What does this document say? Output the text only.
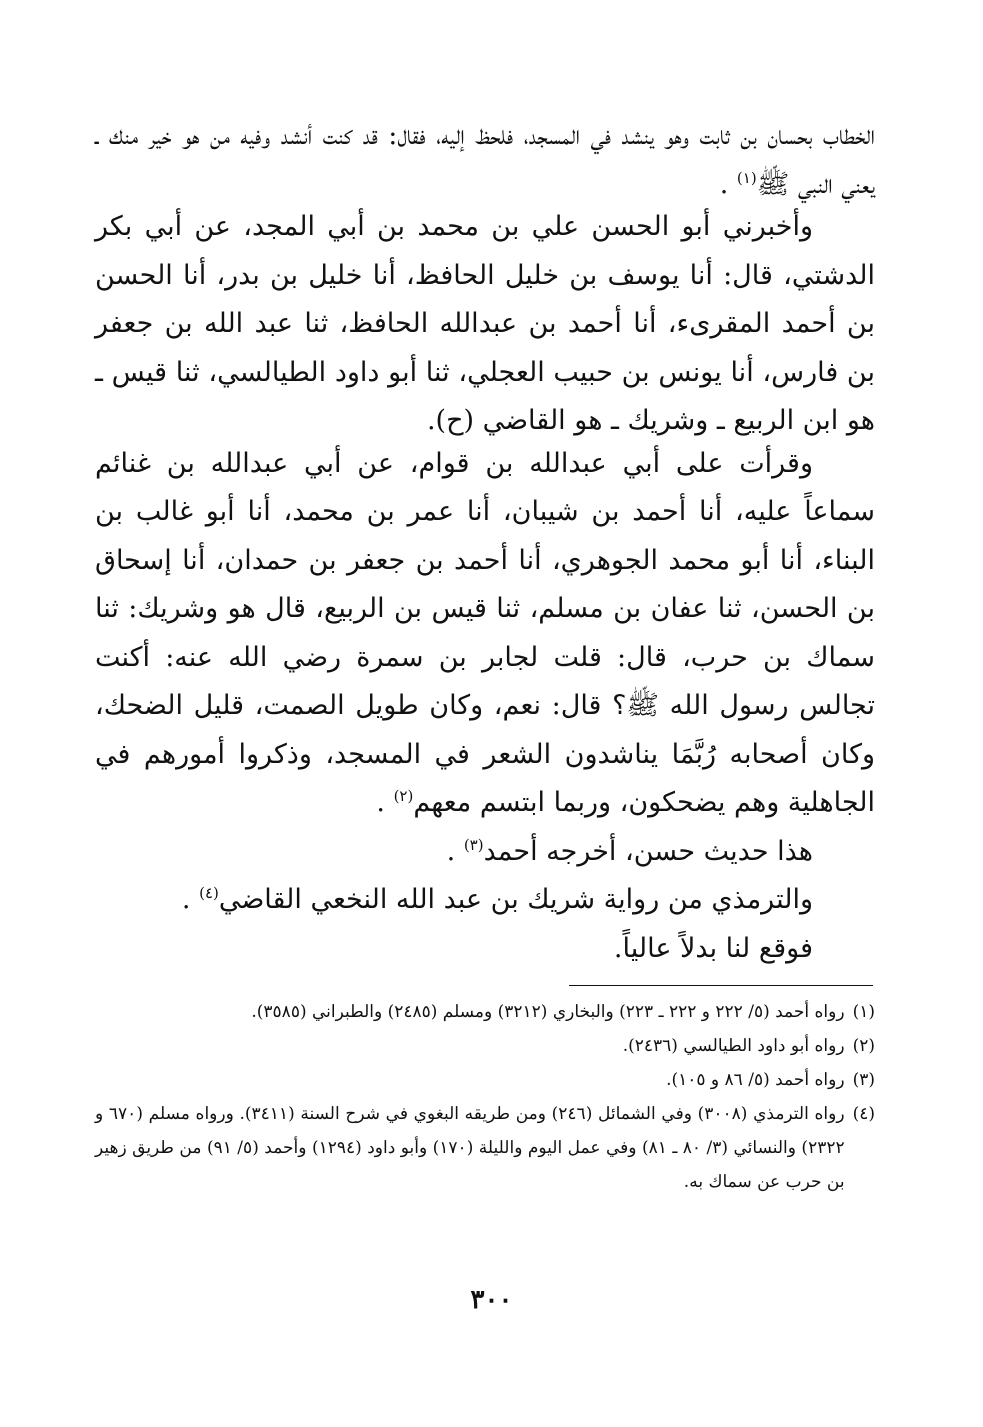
الخطاب بحسان بن ثابت وهو ينشد في المسجد، فلحظ إليه، فقال: قد كنت أنشد وفيه من هو خير منك ـ يعني النبي ﷺ$^{(١)}$ .

وأخبرني أبو الحسن علي بن محمد بن أبي المجد، عن أبي بكر الدشتي، قال: أنا يوسف بن خليل الحافظ، أنا خليل بن بدر، أنا الحسن بن أحمد المقرىء، أنا أحمد بن عبدالله الحافظ، ثنا عبد الله بن جعفر بن فارس، أنا يونس بن حبيب العجلي، ثنا أبو داود الطيالسي، ثنا قيس ـ هو ابن الربيع ـ وشريك ـ هو القاضي (ح).

وقرأت على أبي عبدالله بن قوام، عن أبي عبدالله بن غنائم سماعاً عليه، أنا أحمد بن شيبان، أنا عمر بن محمد، أنا أبو غالب بن البناء، أنا أبو محمد الجوهري، أنا أحمد بن جعفر بن حمدان، أنا إسحاق بن الحسن، ثنا عفان بن مسلم، ثنا قيس بن الربيع، قال هو وشريك: ثنا سماك بن حرب، قال: قلت لجابر بن سمرة رضي الله عنه: أكنت تجالس رسول الله ﷺ؟ قال: نعم، وكان طويل الصمت، قليل الضحك، وكان أصحابه رُبَّمَا يناشدون الشعر في المسجد، وذكروا أمورهم في الجاهلية وهم يضحكون، وربما ابتسم معهم$^{(٢)}$ .

هذا حديث حسن، أخرجه أحمد$^{(٣)}$ .

والترمذي من رواية شريك بن عبد الله النخعي القاضي$^{(٤)}$ .

فوقع لنا بدلاً عالياً.

(١)
رواه أحمد (٥/ ٢٢٢ و ٢٢٢ ـ ٢٢٣) والبخاري (٣٢١٢) ومسلم (٢٤٨٥) والطبراني (٣٥٨٥).
(٢)
رواه أبو داود الطيالسي (٢٤٣٦).
(٣)
رواه أحمد (٥/ ٨٦ و ١٠٥).
(٤)
رواه الترمذي (٣٠٠٨) وفي الشمائل (٢٤٦) ومن طريقه البغوي في شرح السنة (٣٤١١). ورواه مسلم (٦٧٠ و ٢٣٢٢) والنسائي (٣/ ٨٠ ـ ٨١) وفي عمل اليوم والليلة (١٧٠) وأبو داود (١٢٩٤) وأحمد (٥/ ٩١) من طريق زهير بن حرب عن سماك به.
٣٠٠
